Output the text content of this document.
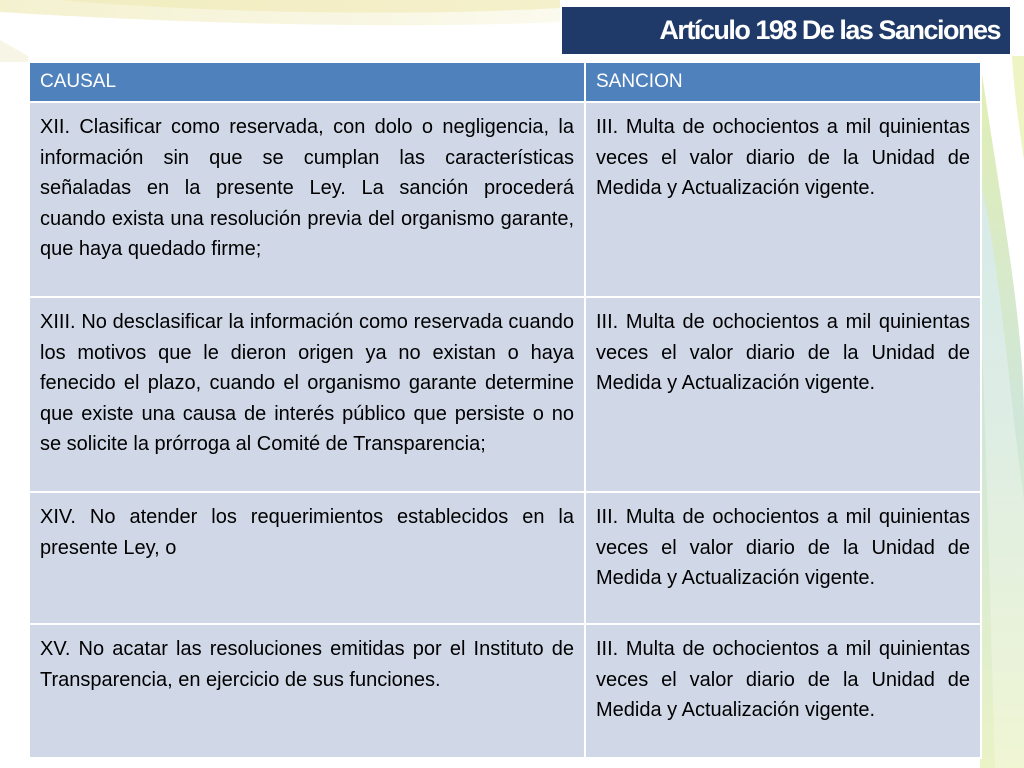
Artículo 198 De las Sanciones
CAUSAL	SANCION
XII. Clasificar como reservada, con dolo o negligencia, la información sin que se cumplan las características señaladas en la presente Ley. La sanción procederá cuando exista una resolución previa del organismo garante, que haya quedado firme;	III. Multa de ochocientos a mil quinientas veces el valor diario de la Unidad de Medida y Actualización vigente.
XIII. No desclasificar la información como reservada cuando los motivos que le dieron origen ya no existan o haya fenecido el plazo, cuando el organismo garante determine que existe una causa de interés público que persiste o no se solicite la prórroga al Comité de Transparencia;	III. Multa de ochocientos a mil quinientas veces el valor diario de la Unidad de Medida y Actualización vigente.
XIV. No atender los requerimientos establecidos en la presente Ley, o	III. Multa de ochocientos a mil quinientas veces el valor diario de la Unidad de Medida y Actualización vigente.
XV. No acatar las resoluciones emitidas por el Instituto de Transparencia, en ejercicio de sus funciones.	III. Multa de ochocientos a mil quinientas veces el valor diario de la Unidad de Medida y Actualización vigente.
